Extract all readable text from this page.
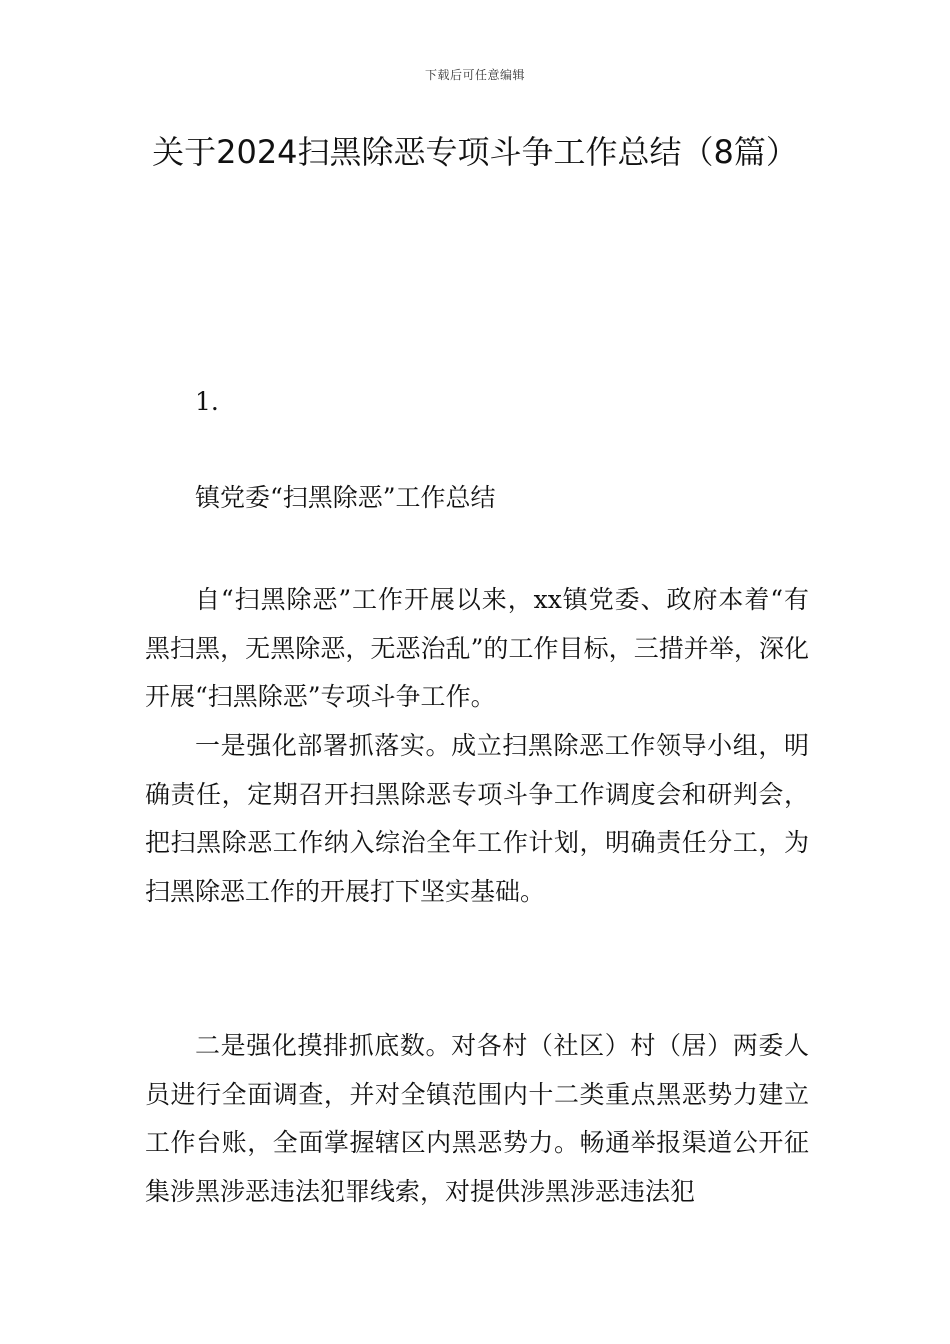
下载后可任意编辑
关于2024扫黑除恶专项斗争工作总结（8篇）

1.

镇党委“扫黑除恶”工作总结

自“扫黑除恶”工作开展以来，xx镇党委、政府本着“有黑扫黑，无黑除恶，无恶治乱”的工作目标，三措并举，深化开展“扫黑除恶”专项斗争工作。

一是强化部署抓落实。成立扫黑除恶工作领导小组，明确责任，定期召开扫黑除恶专项斗争工作调度会和研判会，把扫黑除恶工作纳入综治全年工作计划，明确责任分工，为扫黑除恶工作的开展打下坚实基础。

二是强化摸排抓底数。对各村（社区）村（居）两委人员进行全面调查，并对全镇范围内十二类重点黑恶势力建立工作台账，全面掌握辖区内黑恶势力。畅通举报渠道公开征集涉黑涉恶违法犯罪线索，对提供涉黑涉恶违法犯
